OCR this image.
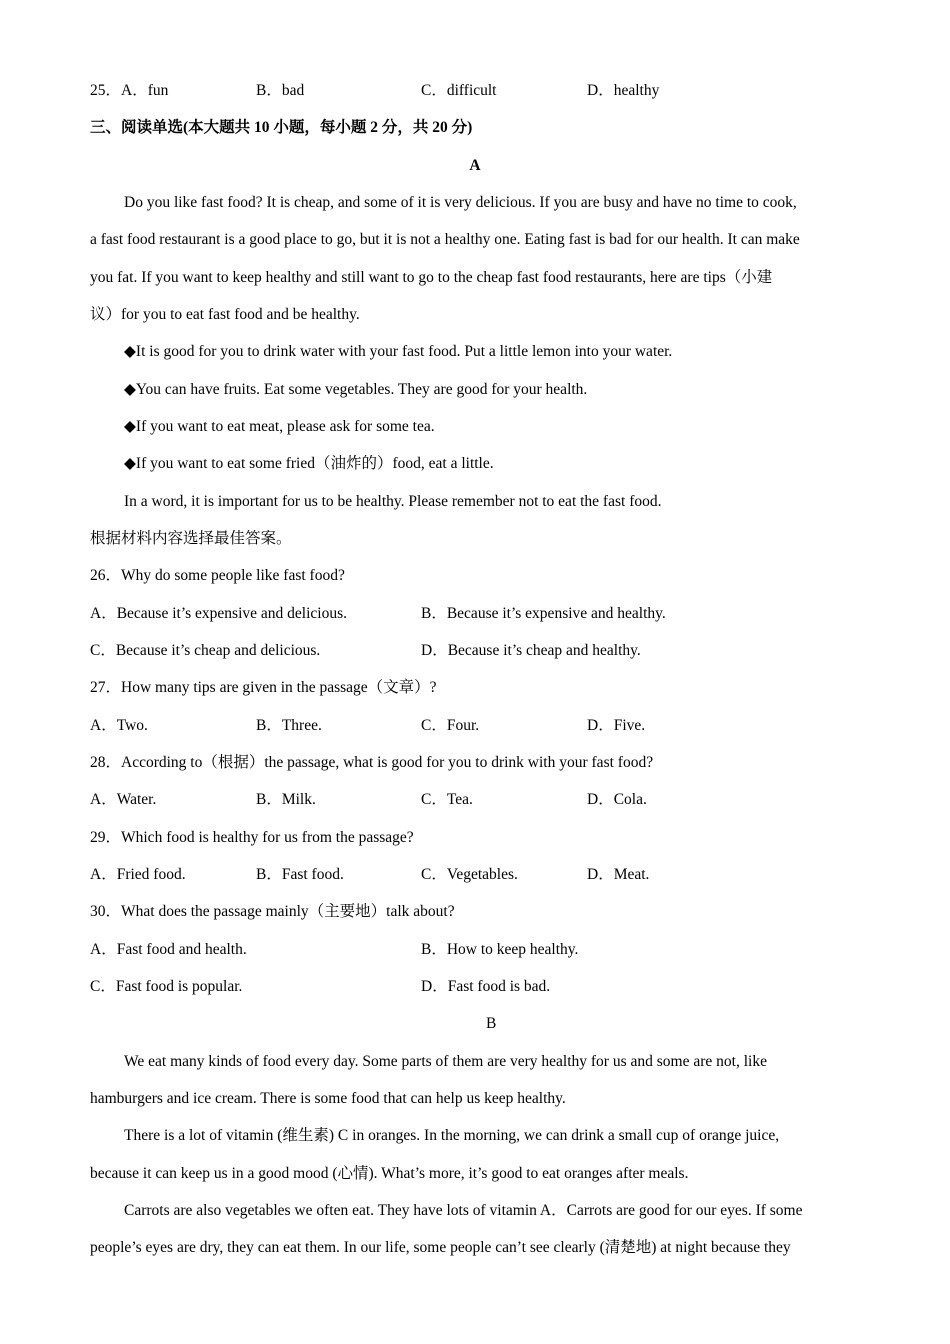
25．A．fun	B．bad	C．difficult	D．healthy
三、阅读单选(本大题共 10 小题，每小题 2 分，共 20 分)
A
Do you like fast food? It is cheap, and some of it is very delicious. If you are busy and have no time to cook,
a fast food restaurant is a good place to go, but it is not a healthy one. Eating fast is bad for our health. It can make
you fat. If you want to keep healthy and still want to go to the cheap fast food restaurants, here are tips（小建
议）for you to eat fast food and be healthy.
◆It is good for you to drink water with your fast food. Put a little lemon into your water.
◆You can have fruits. Eat some vegetables. They are good for your health.
◆If you want to eat meat, please ask for some tea.
◆If you want to eat some fried（油炸的）food, eat a little.
In a word, it is important for us to be healthy. Please remember not to eat the fast food.
根据材料内容选择最佳答案。
26．Why do some people like fast food?
A．Because it’s expensive and delicious.	B．Because it’s expensive and healthy.
C．Because it’s cheap and delicious.	D．Because it’s cheap and healthy.
27．How many tips are given in the passage（文章）?
A．Two.	B．Three.	C．Four.	D．Five.
28．According to（根据）the passage, what is good for you to drink with your fast food?
A．Water.	B．Milk.	C．Tea.	D．Cola.
29．Which food is healthy for us from the passage?
A．Fried food.	B．Fast food.	C．Vegetables.	D．Meat.
30．What does the passage mainly（主要地）talk about?
A．Fast food and health.	B．How to keep healthy.
C．Fast food is popular.	D．Fast food is bad.
B
We eat many kinds of food every day. Some parts of them are very healthy for us and some are not, like
hamburgers and ice cream. There is some food that can help us keep healthy.
There is a lot of vitamin (维生素) C in oranges. In the morning, we can drink a small cup of orange juice,
because it can keep us in a good mood (心情). What’s more, it’s good to eat oranges after meals.
Carrots are also vegetables we often eat. They have lots of vitamin A．Carrots are good for our eyes. If some
people’s eyes are dry, they can eat them. In our life, some people can’t see clearly (清楚地) at night because they
